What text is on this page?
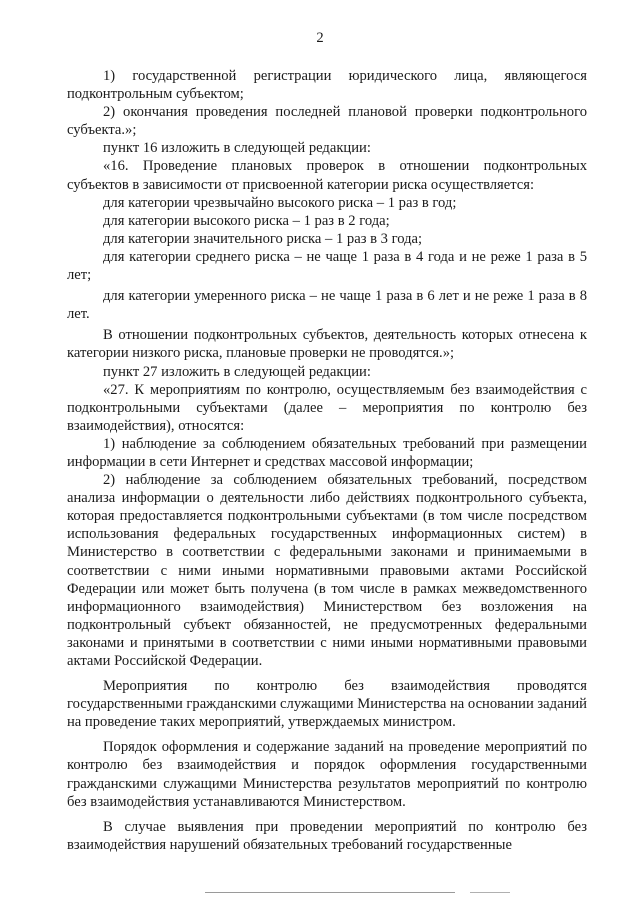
2

1) государственной регистрации юридического лица, являющегося подконтрольным субъектом;

2) окончания проведения последней плановой проверки подконтрольного субъекта.»;

пункт 16 изложить в следующей редакции:

«16. Проведение плановых проверок в отношении подконтрольных субъектов в зависимости от присвоенной категории риска осуществляется:

для категории чрезвычайно высокого риска – 1 раз в год;

для категории высокого риска – 1 раз в 2 года;

для категории значительного риска – 1 раз в 3 года;

для категории среднего риска – не чаще 1 раза в 4 года и не реже 1 раза в 5 лет;

для категории умеренного риска – не чаще 1 раза в 6 лет и не реже 1 раза в 8 лет.

В отношении подконтрольных субъектов, деятельность которых отнесена к категории низкого риска, плановые проверки не проводятся.»;

пункт 27 изложить в следующей редакции:

«27. К мероприятиям по контролю, осуществляемым без взаимодействия с подконтрольными субъектами (далее – мероприятия по контролю без взаимодействия), относятся:

1) наблюдение за соблюдением обязательных требований при размещении информации в сети Интернет и средствах массовой информации;

2) наблюдение за соблюдением обязательных требований, посредством анализа информации о деятельности либо действиях подконтрольного субъекта, которая предоставляется подконтрольными субъектами (в том числе посредством использования федеральных государственных информационных систем) в Министерство в соответствии с федеральными законами и принимаемыми в соответствии с ними иными нормативными правовыми актами Российской Федерации или может быть получена (в том числе в рамках межведомственного информационного взаимодействия) Министерством без возложения на подконтрольный субъект обязанностей, не предусмотренных федеральными законами и принятыми в соответствии с ними иными нормативными правовыми актами Российской Федерации.

Мероприятия по контролю без взаимодействия проводятся государственными гражданскими служащими Министерства на основании заданий на проведение таких мероприятий, утверждаемых министром.

Порядок оформления и содержание заданий на проведение мероприятий по контролю без взаимодействия и порядок оформления государственными гражданскими служащими Министерства результатов мероприятий по контролю без взаимодействия устанавливаются Министерством.

В случае выявления при проведении мероприятий по контролю без взаимодействия нарушений обязательных требований государственные
